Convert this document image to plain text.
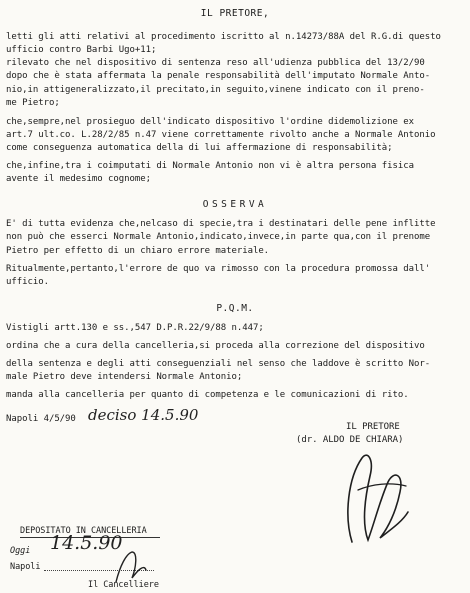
IL PRETORE,
letti gli atti relativi al procedimento iscritto al n.14273/88A del R.G.di questo
ufficio contro Barbi Ugo+11;
rilevato che nel dispositivo di sentenza reso all'udienza pubblica del 13/2/90
dopo che è stata affermata la penale responsabilità dell'imputato Normale Anto-
nio,in attigeneralizzato,il precitato,in seguito,vinene indicato con il preno-
me Pietro;
che,sempre,nel prosieguo dell'indicato dispositivo l'ordine didemolizione ex
art.7 ult.co. L.28/2/85 n.47 viene correttamente rivolto anche a Normale Antonio
come conseguenza automatica della di lui affermazione di responsabilità;
che,infine,tra i coimputati di Normale Antonio non vi è altra persona fisica
avente il medesimo cognome;
OSSERVA
E' di tutta evidenza che,nelcaso di specie,tra i destinatari delle pene inflitte
non può che esserci Normale Antonio,indicato,invece,in parte qua,con il prenome
Pietro per effetto di un chiaro errore materiale.
Ritualmente,pertanto,l'errore de quo va rimosso con la procedura promossa dall'
ufficio.
P.Q.M.
Vistigli artt.130 e ss.,547 D.P.R.22/9/88 n.447;
ordina che a cura della cancelleria,si proceda alla correzione del dispositivo
della sentenza e degli atti conseguenziali nel senso che laddove è scritto Nor-
male Pietro deve intendersi Normale Antonio;
manda alla cancelleria per quanto di competenza e le comunicazioni di rito.
Napoli 4/5/90 deciso 14.5.90
IL PRETORE
(dr. ALDO DE CHIARA)
DEPOSITATO IN CANCELLERIA
Oggi 14.5.90
Napoli
Il Cancelliere
